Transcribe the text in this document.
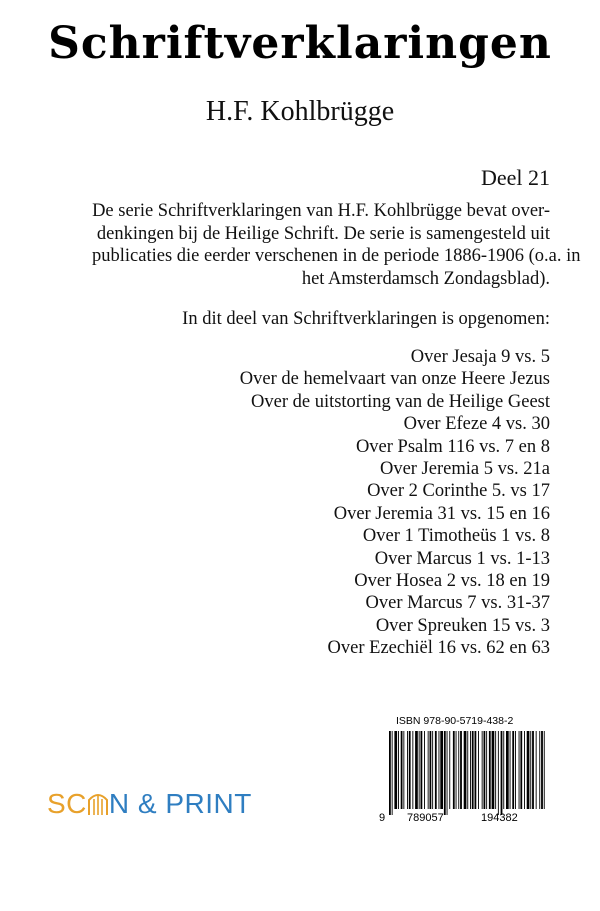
Schriftverklaringen
H.F. Kohlbrügge
Deel 21
De serie Schriftverklaringen van H.F. Kohlbrügge bevat over-
denkingen bij de Heilige Schrift. De serie is samengesteld uit
publicaties die eerder verschenen in de periode 1886-1906 (o.a. in
het Amsterdamsch Zondagsblad).
In dit deel van Schriftverklaringen is opgenomen:
Over Jesaja 9 vs. 5
Over de hemelvaart van onze Heere Jezus
Over de uitstorting van de Heilige Geest
Over Efeze 4 vs. 30
Over Psalm 116 vs. 7 en 8
Over Jeremia 5 vs. 21a
Over 2 Corinthe 5. vs 17
Over Jeremia 31 vs. 15 en 16
Over 1 Timotheüs 1 vs. 8
Over Marcus 1 vs. 1-13
Over Hosea 2 vs. 18 en 19
Over Marcus 7 vs. 31-37
Over Spreuken 15 vs. 3
Over Ezechiël 16 vs. 62 en 63
SC N & PRINT
ISBN 978-90-5719-438-2
9 789057	194382
